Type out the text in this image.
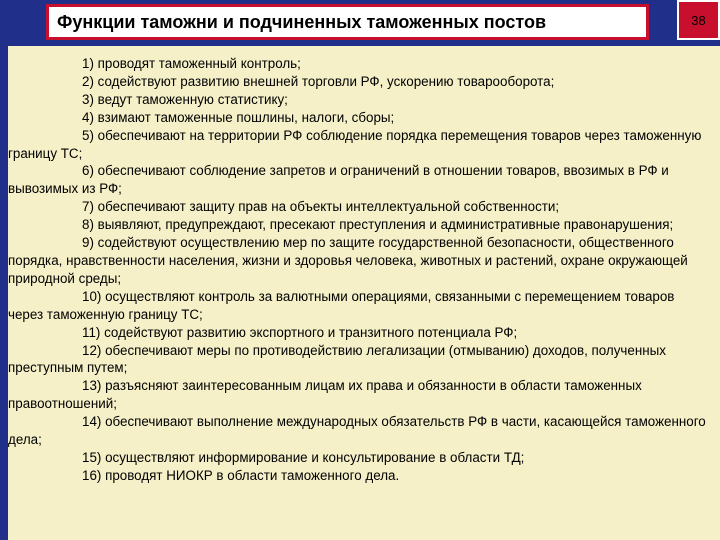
Функции таможни и подчиненных таможенных постов	38

1) проводят таможенный контроль;

2) содействуют развитию внешней торговли РФ, ускорению товарооборота;

3) ведут таможенную статистику;

4) взимают таможенные пошлины, налоги, сборы;

5) обеспечивают на территории РФ соблюдение порядка перемещения товаров через таможенную границу ТС;

6) обеспечивают соблюдение запретов и ограничений в отношении товаров, ввозимых в РФ и вывозимых из РФ;

7) обеспечивают защиту прав на объекты интеллектуальной собственности;

8) выявляют, предупреждают, пресекают преступления и административные правонарушения;

9) содействуют осуществлению мер по защите государственной безопасности, общественного порядка, нравственности населения, жизни и здоровья человека, животных и растений, охране окружающей природной среды;

10) осуществляют контроль за валютными операциями, связанными с перемещением товаров через таможенную границу ТС;

11) содействуют развитию экспортного и транзитного потенциала РФ;

12) обеспечивают меры по противодействию легализации (отмыванию) доходов, полученных преступным путем;

13) разъясняют заинтересованным лицам их права и обязанности в области таможенных правоотношений;

14) обеспечивают выполнение международных обязательств РФ в части, касающейся таможенного дела;

15) осуществляют информирование и консультирование в области ТД;

16) проводят НИОКР в области таможенного дела.
